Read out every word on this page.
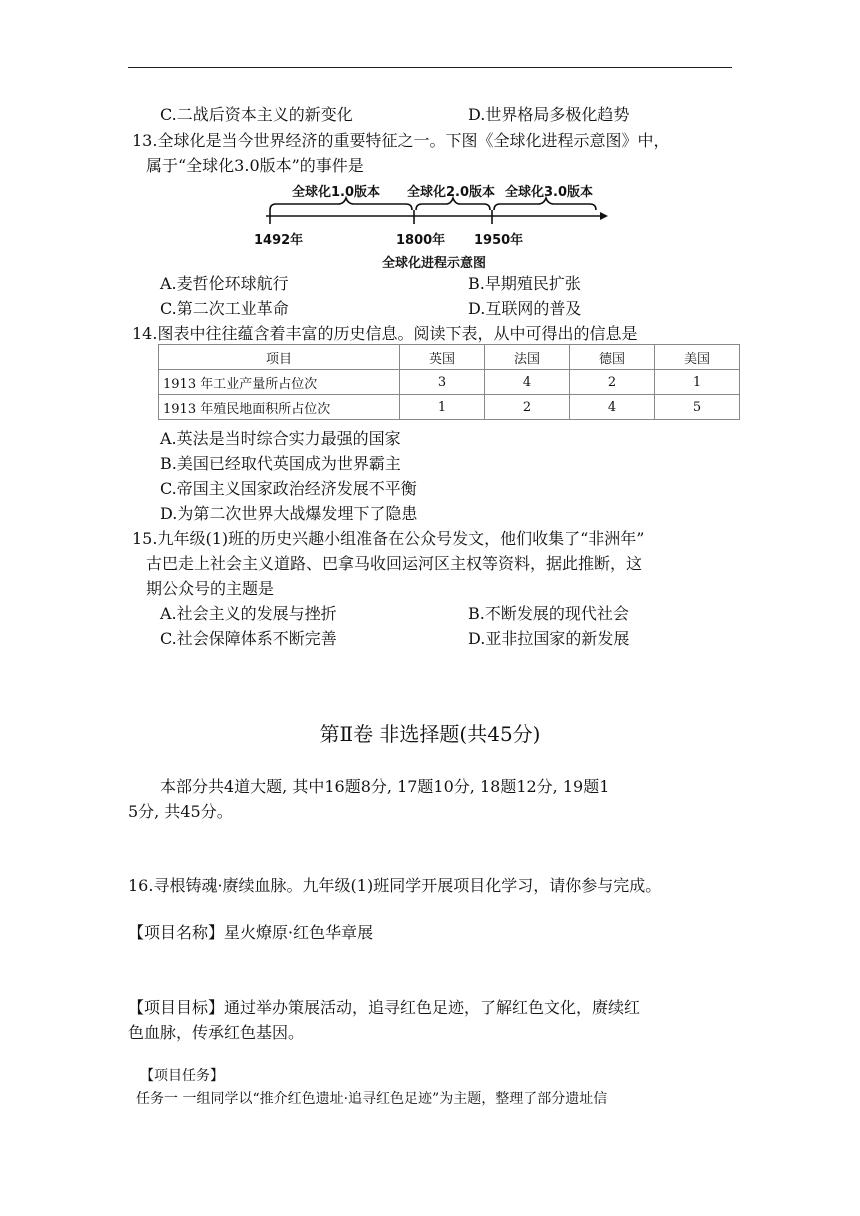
C.二战后资本主义的新变化	D.世界格局多极化趋势
13.全球化是当今世界经济的重要特征之一。下图《全球化进程示意图》中，
属于“全球化3.0版本”的事件是
全球化1.0版本 全球化2.0版本 全球化3.0版本
1492年	1800年 1950年
全球化进程示意图
A.麦哲伦环球航行	B.早期殖民扩张
C.第二次工业革命	D.互联网的普及
14.图表中往往蕴含着丰富的历史信息。阅读下表，从中可得出的信息是
项目	英国	法国	德国	美国
1913 年工业产量所占位次	3	4	2	1
1913 年殖民地面积所占位次	1	2	4	5
A.英法是当时综合实力最强的国家
B.美国已经取代英国成为世界霸主
C.帝国主义国家政治经济发展不平衡
D.为第二次世界大战爆发埋下了隐患
15.九年级(1)班的历史兴趣小组准备在公众号发文，他们收集了“非洲年”
古巴走上社会主义道路、巴拿马收回运河区主权等资料，据此推断，这
期公众号的主题是
A.社会主义的发展与挫折	B.不断发展的现代社会
C.社会保障体系不断完善	D.亚非拉国家的新发展
第Ⅱ卷 非选择题(共45分)
本部分共4道大题, 其中16题8分, 17题10分, 18题12分, 19题1
5分, 共45分。
16.寻根铸魂·赓续血脉。九年级(1)班同学开展项目化学习，请你参与完成。
【项目名称】星火燎原·红色华章展
【项目目标】通过举办策展活动，追寻红色足迹，了解红色文化，赓续红
色血脉，传承红色基因。
【项目任务】
任务一 一组同学以“推介红色遗址·追寻红色足迹”为主题，整理了部分遗址信
